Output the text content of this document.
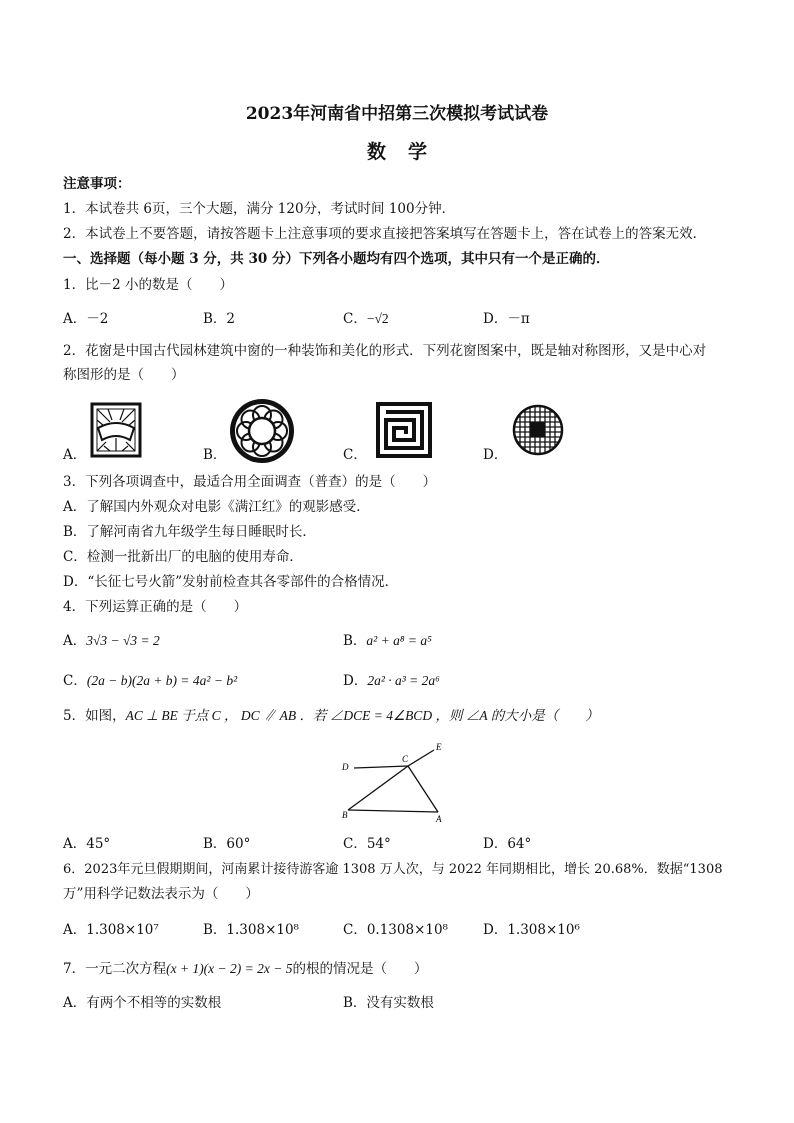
2023年河南省中招第三次模拟考试试卷
数学
注意事项：
1．本试卷共 6页，三个大题，满分 120分，考试时间 100分钟．
2．本试卷上不要答题，请按答题卡上注意事项的要求直接把答案填写在答题卡上，答在试卷上的答案无效．
一、选择题（每小题 3 分，共 30 分）下列各小题均有四个选项，其中只有一个是正确的．
1．比－2 小的数是（　　）
A．－2	B．2	C．−√2	D．－π
2．花窗是中国古代园林建筑中窗的一种装饰和美化的形式．下列花窗图案中，既是轴对称图形，又是中心对
称图形的是（　　）
A．	B．	C．	D．
3．下列各项调查中，最适合用全面调查（普查）的是（　　）
A．了解国内外观众对电影《满江红》的观影感受．
B．了解河南省九年级学生每日睡眠时长．
C．检测一批新出厂的电脑的使用寿命．
D．“长征七号火箭”发射前检查其各零部件的合格情况．
4．下列运算正确的是（　　）
A．3√3 − √3 = 2	B．a² + a⁸ = a⁵
C．(2a − b)(2a + b) = 4a² − b²	D．2a² · a³ = 2a⁶
5．如图，AC ⊥ BE 于点 C ， DC ∥ AB ．若 ∠DCE = 4∠BCD ，则 ∠A 的大小是（　　）
D
C
E
B	A
A．45°	B．60°	C．54°	D．64°
6．2023年元旦假期期间，河南累计接待游客逾 1308 万人次，与 2022 年同期相比，增长 20.68%．数据“1308
万”用科学记数法表示为（　　）
A．1.308×10⁷	B．1.308×10⁸	C．0.1308×10⁸	D．1.308×10⁶
7．一元二次方程(x + 1)(x − 2) = 2x − 5的根的情况是（　　）
A．有两个不相等的实数根	B．没有实数根
